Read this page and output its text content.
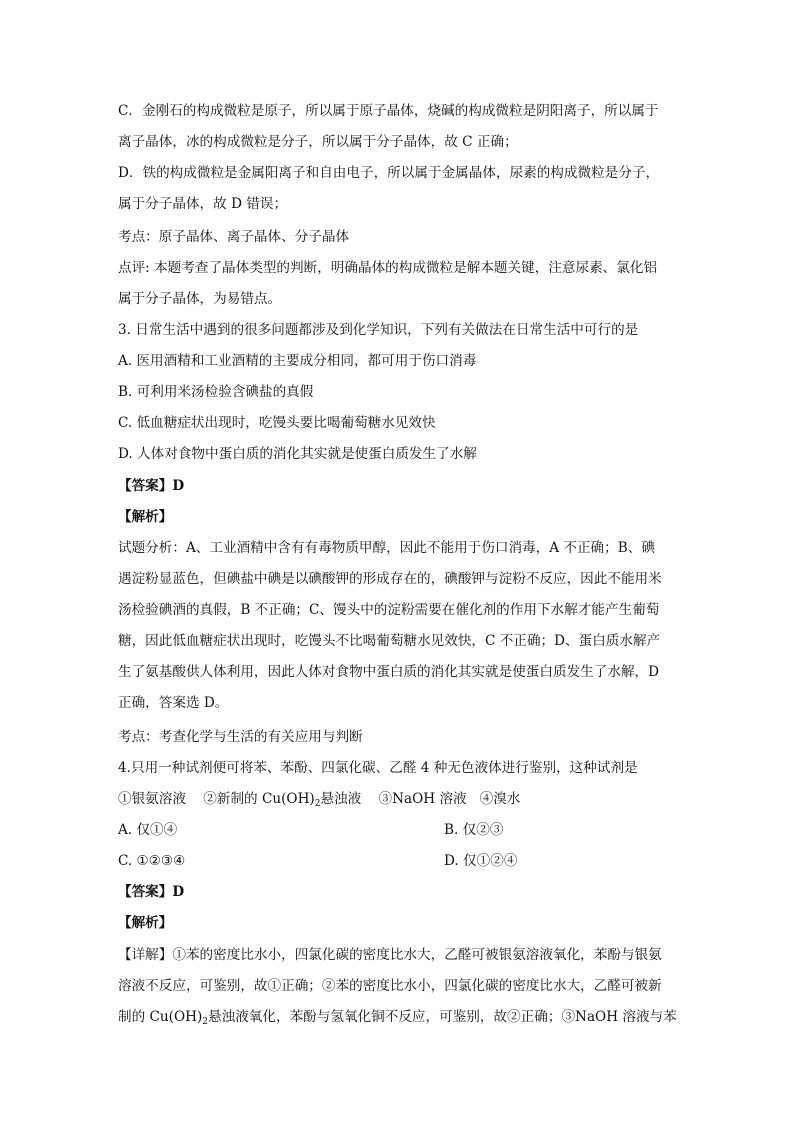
C．金刚石的构成微粒是原子，所以属于原子晶体，烧碱的构成微粒是阴阳离子，所以属于
离子晶体，冰的构成微粒是分子，所以属于分子晶体，故 C 正确；
D．铁的构成微粒是金属阳离子和自由电子，所以属于金属晶体，尿素的构成微粒是分子，
属于分子晶体，故 D 错误；
考点：原子晶体、离子晶体、分子晶体
点评: 本题考查了晶体类型的判断，明确晶体的构成微粒是解本题关键，注意尿素、氯化铝
属于分子晶体，为易错点。
3. 日常生活中遇到的很多问题都涉及到化学知识，下列有关做法在日常生活中可行的是
A. 医用酒精和工业酒精的主要成分相同，都可用于伤口消毒
B. 可利用米汤检验含碘盐的真假
C. 低血糖症状出现时，吃馒头要比喝葡萄糖水见效快
D. 人体对食物中蛋白质的消化其实就是使蛋白质发生了水解
【答案】D
【解析】
试题分析：A、工业酒精中含有有毒物质甲醇，因此不能用于伤口消毒，A 不正确；B、碘
遇淀粉显蓝色，但碘盐中碘是以碘酸钾的形成存在的，碘酸钾与淀粉不反应，因此不能用米
汤检验碘酒的真假，B 不正确；C、馒头中的淀粉需要在催化剂的作用下水解才能产生葡萄
糖，因此低血糖症状出现时，吃馒头不比喝葡萄糖水见效快，C 不正确；D、蛋白质水解产
生了氨基酸供人体利用，因此人体对食物中蛋白质的消化其实就是使蛋白质发生了水解，D
正确，答案选 D。
考点：考查化学与生活的有关应用与判断
4.只用一种试剂便可将苯、苯酚、四氯化碳、乙醛 4 种无色液体进行鉴别，这种试剂是
①银氨溶液 ②新制的 $Cu(OH)_2$悬浊液 ③NaOH 溶液 ④溴水
A. 仅①④	B. 仅②③
C. ①②③④	D. 仅①②④
【答案】D
【解析】
【详解】①苯的密度比水小，四氯化碳的密度比水大，乙醛可被银氨溶液氧化，苯酚与银氨
溶液不反应，可鉴别，故①正确；②苯的密度比水小，四氯化碳的密度比水大，乙醛可被新
制的 $Cu(OH)_2$悬浊液氧化，苯酚与氢氧化铜不反应，可鉴别，故②正确；③NaOH 溶液与苯
